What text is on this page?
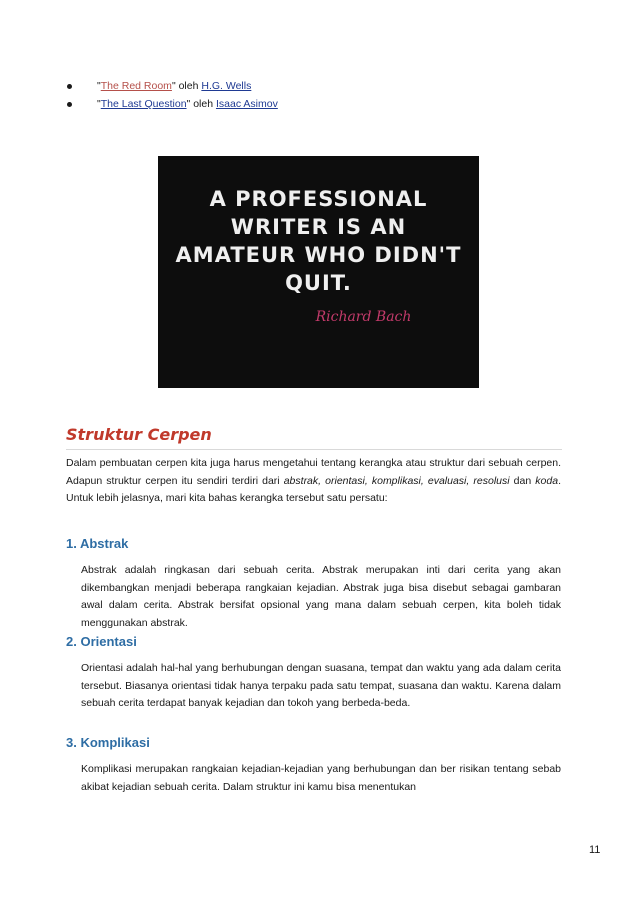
" The Red Room " oleh H.G. Wells
" The Last Question " oleh Isaac Asimov
A PROFESSIONAL
WRITER IS AN
AMATEUR WHO DIDN'T
QUIT.
Richard Bach
Struktur Cerpen

Dalam pembuatan cerpen kita juga harus mengetahui tentang kerangka atau struktur dari sebuah cerpen. Adapun struktur cerpen itu sendiri terdiri dari abstrak, orientasi, komplikasi, evaluasi, resolusi dan koda. Untuk lebih jelasnya, mari kita bahas kerangka tersebut satu persatu:

1. Abstrak

Abstrak adalah ringkasan dari sebuah cerita. Abstrak merupakan inti dari cerita yang akan dikembangkan menjadi beberapa rangkaian kejadian. Abstrak juga bisa disebut sebagai gambaran awal dalam cerita. Abstrak bersifat opsional yang mana dalam sebuah cerpen, kita boleh tidak menggunakan abstrak.

2. Orientasi

Orientasi adalah hal-hal yang berhubungan dengan suasana, tempat dan waktu yang ada dalam cerita tersebut. Biasanya orientasi tidak hanya terpaku pada satu tempat, suasana dan waktu. Karena dalam sebuah cerita terdapat banyak kejadian dan tokoh yang berbeda-beda.

3. Komplikasi

Komplikasi merupakan rangkaian kejadian-kejadian yang berhubungan dan ber risikan tentang sebab akibat kejadian sebuah cerita. Dalam struktur ini kamu bisa menentukan

11
